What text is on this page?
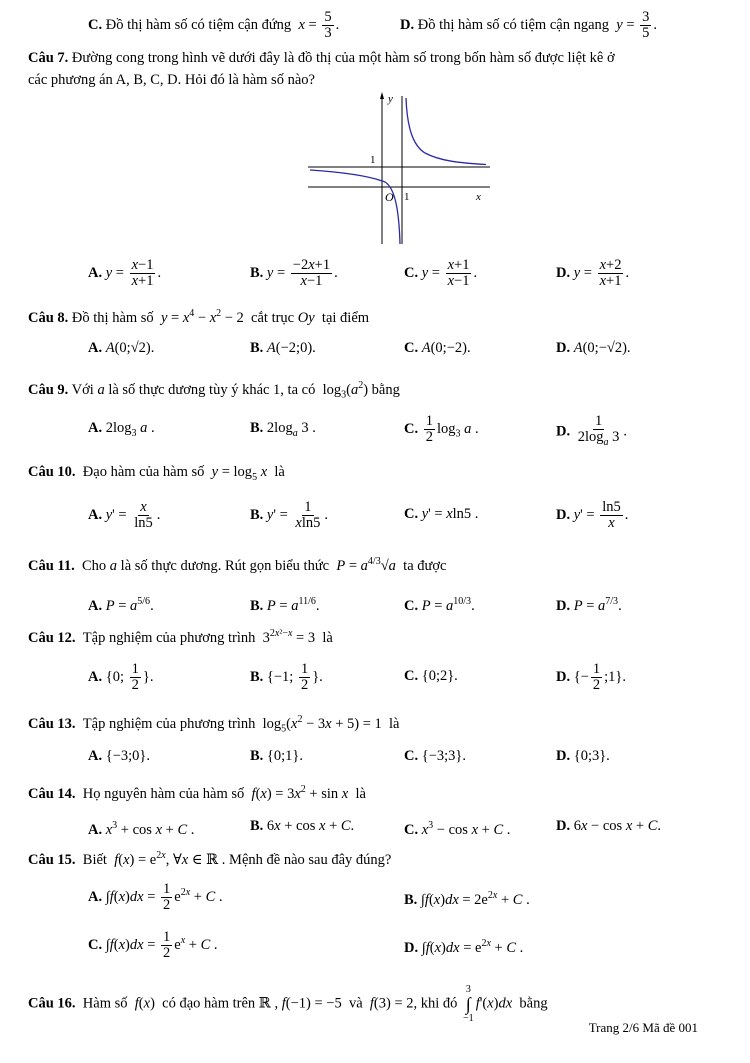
C. Đồ thị hàm số có tiệm cận đứng  $x = \frac{5}{3}$ .	D. Đồ thị hàm số có tiệm cận ngang  $y = \frac{3}{5}$ .
Câu 7. Đường cong trong hình vẽ dưới đây là đồ thị của một hàm số trong bốn hàm số được liệt kê ở
các phương án A, B, C, D. Hỏi đó là hàm số nào?
y
x
O 1
1
A. $y = \frac{x-1}{x+1}$ .	B. $y = \frac{-2x+1}{x-1}$ .	C. $y = \frac{x+1}{x-1}$ .	D. $y = \frac{x+2}{x+1}$ .
Câu 8. Đồ thị hàm số  $y = x^4 - x^2 - 2$  cắt trục Oy  tại điểm
A. A(0;√2).	B. A(−2;0).	C. A(0;−2).	D. A(0;−√2).
Câu 9. Với a là số thực dương tùy ý khác 1, ta có  $\log_3(a^2)$ bằng
A. $2\log_3$ a .	B. $2\log_a$ 3 .	C. $\frac{1}{2} \log_3 a$ .	D. $\frac{1}{2\log_a 3}$ .
Câu 10.  Đạo hàm của hàm số  $y = \log_5 x$  là
A. $y' = \frac{x}{\ln 5}$ .	B. $y' = \frac{1}{xln5}$ .	C. y' = xln5 .	D. $y' = \frac{\ln 5}{x}$ .
Câu 11.  Cho a là số thực dương. Rút gọn biểu thức  $P = a^{4/3}√a$  ta được
A. $P = a^{5/6}$.	B. $P = a^{11/6}$.	C. $P = a^{10/3}$.	D. $P = a^{7/3}$.
Câu 12.  Tập nghiệm của phương trình  $3^{2x^2-x} = 3$  là
A. {0; $\frac{1}{2}$ }.	B. {−1; $\frac{1}{2}$ }.	C. {0;2}.	D. {− $\frac{1}{2}$ ;1}.
Câu 13.  Tập nghiệm của phương trình  $\log_5(x^2 - 3x + 5) = 1$  là
A. {−3;0}.	B. {0;1}.	C. {−3;3}.	D. {0;3}.
Câu 14.  Họ nguyên hàm của hàm số  $f(x) = 3x^2 + \sin x$  là
A. $x^3 + \cos x + C$ .	B. 6x + cos x + C.	C. $x^3 - \cos x + C$ .	D. 6x − cos x + C.
Câu 15.  Biết  $f(x) = e^{2x}$, ∀x ∈ ℝ . Mệnh đề nào sau đây đúng?
A. $\int f(x)dx = \frac{1}{2} e^{2x} + C$ .	B. $\int f(x)dx = 2e^{2x} + C$ .
C. $\int f(x)dx = \frac{1}{2} e^x + C$ .	D. $\int f(x)dx = e^{2x} + C$ .
Câu 16.  Hàm số  f(x)  có đạo hàm trên ℝ , f(−1) = −5  và  f(3) = 2, khi đó
3
∫
−1
f'(x)dx  bằng
Trang 2/6 Mã đề 001
